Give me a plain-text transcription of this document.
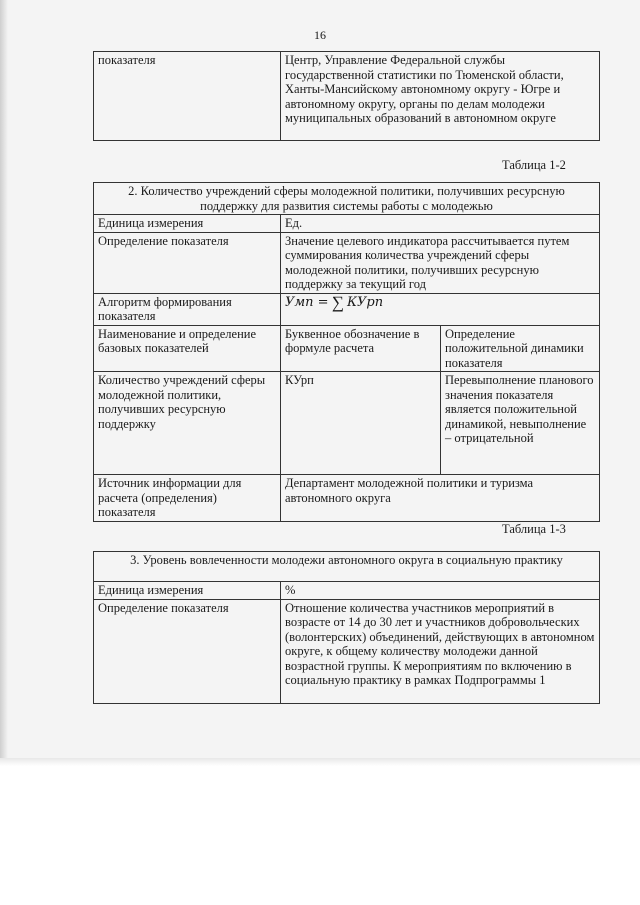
16
показателя	Центр, Управление Федеральной службы государственной статистики по Тюменской области, Ханты-Мансийскому автономному округу - Югре и автономному округу, органы по делам молодежи муниципальных образований в автономном округе
Таблица 1-2
2. Количество учреждений сферы молодежной политики, получивших ресурсную поддержку для развития системы работы с молодежью		
Единица измерения	Ед.	
Определение показателя	Значение целевого индикатора рассчитывается путем суммирования количества учреждений сферы молодежной политики, получивших ресурсную поддержку за текущий год	
Алгоритм формирования показателя	Умп = ∑ КУрп	
Наименование и определение базовых показателей	Буквенное обозначение в формуле расчета	Определение положительной динамики показателя
Количество учреждений сферы молодежной политики, получивших ресурсную поддержку	КУрп	Перевыполнение планового значения показателя является положительной динамикой, невыполнение – отрицательной
Источник информации для расчета (определения) показателя	Департамент молодежной политики и туризма автономного округа	
Таблица 1-3
3. Уровень вовлеченности молодежи автономного округа в социальную практику	
Единица измерения	%
Определение показателя	Отношение количества участников мероприятий в возрасте от 14 до 30 лет и участников добровольческих (волонтерских) объединений, действующих в автономном округе, к общему количеству молодежи данной возрастной группы. К мероприятиям по включению в социальную практику в рамках Подпрограммы 1
